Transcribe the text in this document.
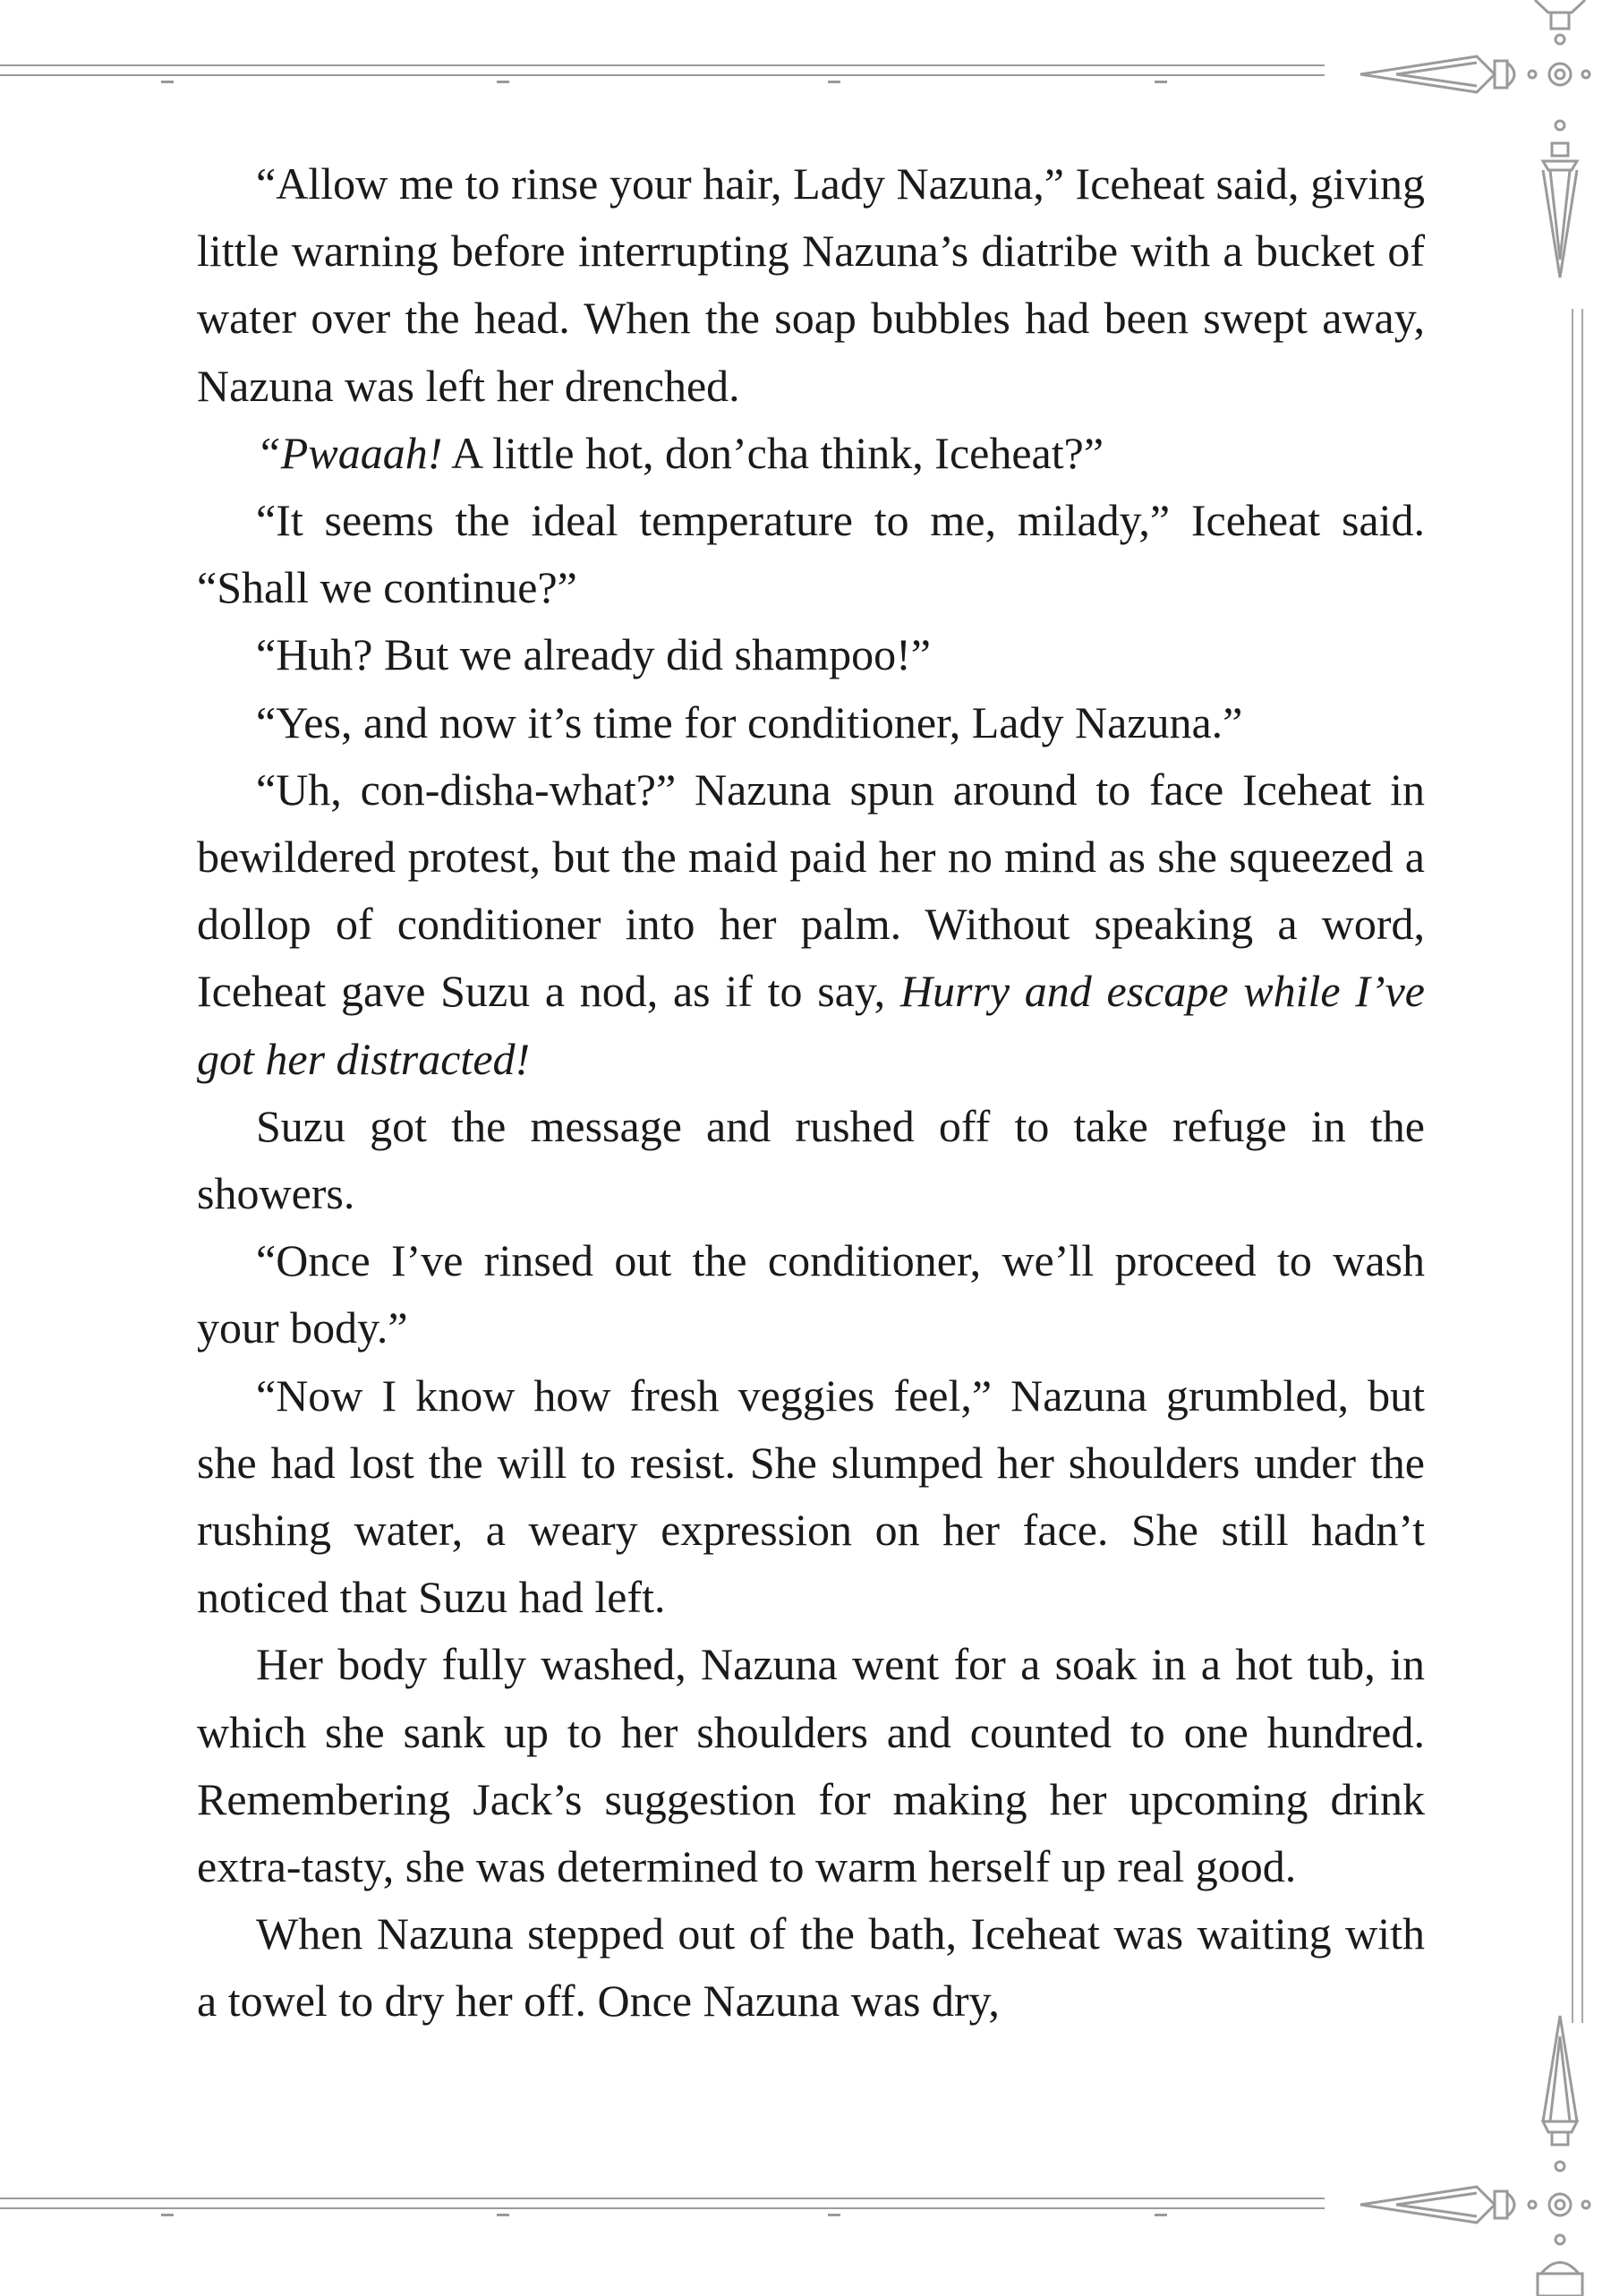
“Allow me to rinse your hair, Lady Nazuna,” Iceheat said, giving little warning before interrupting Nazuna’s diatribe with a bucket of water over the head. When the soap bubbles had been swept away, Nazuna was left her drenched.

“Pwaaah! A little hot, don’cha think, Iceheat?”

“It seems the ideal temperature to me, milady,” Iceheat said. “Shall we continue?”

“Huh? But we already did shampoo!”

“Yes, and now it’s time for conditioner, Lady Nazuna.”

“Uh, con-disha-what?” Nazuna spun around to face Iceheat in bewildered protest, but the maid paid her no mind as she squeezed a dollop of conditioner into her palm. Without speaking a word, Iceheat gave Suzu a nod, as if to say, Hurry and escape while I’ve got her distracted!

Suzu got the message and rushed off to take refuge in the showers.

“Once I’ve rinsed out the conditioner, we’ll proceed to wash your body.”

“Now I know how fresh veggies feel,” Nazuna grumbled, but she had lost the will to resist. She slumped her shoulders under the rushing water, a weary expression on her face. She still hadn’t noticed that Suzu had left.

Her body fully washed, Nazuna went for a soak in a hot tub, in which she sank up to her shoulders and counted to one hundred. Remembering Jack’s suggestion for making her upcoming drink extra-tasty, she was determined to warm herself up real good.

When Nazuna stepped out of the bath, Iceheat was waiting with a towel to dry her off. Once Nazuna was dry,
